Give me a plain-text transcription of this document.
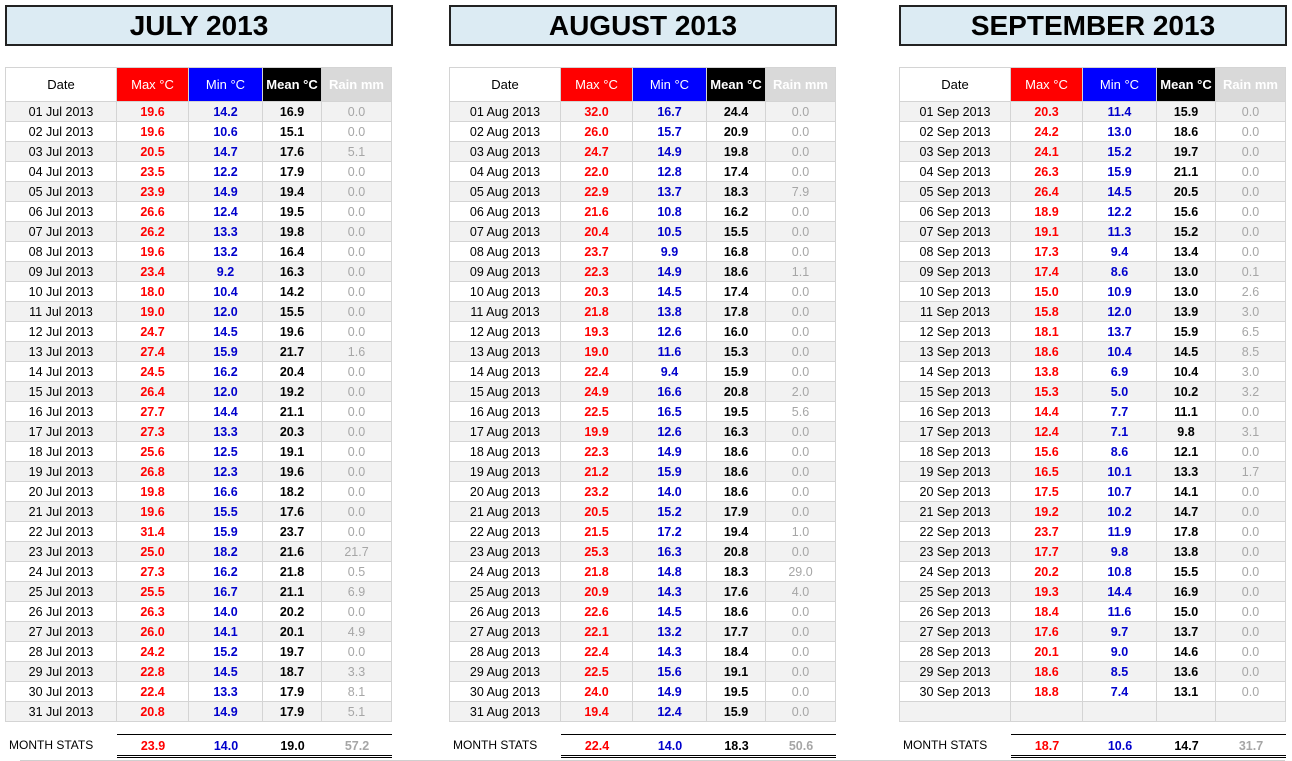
JULY 2013
Date	Max °C	Min °C	Mean °C	Rain mm
01 Jul 2013	19.6	14.2	16.9	0.0
02 Jul 2013	19.6	10.6	15.1	0.0
03 Jul 2013	20.5	14.7	17.6	5.1
04 Jul 2013	23.5	12.2	17.9	0.0
05 Jul 2013	23.9	14.9	19.4	0.0
06 Jul 2013	26.6	12.4	19.5	0.0
07 Jul 2013	26.2	13.3	19.8	0.0
08 Jul 2013	19.6	13.2	16.4	0.0
09 Jul 2013	23.4	9.2	16.3	0.0
10 Jul 2013	18.0	10.4	14.2	0.0
11 Jul 2013	19.0	12.0	15.5	0.0
12 Jul 2013	24.7	14.5	19.6	0.0
13 Jul 2013	27.4	15.9	21.7	1.6
14 Jul 2013	24.5	16.2	20.4	0.0
15 Jul 2013	26.4	12.0	19.2	0.0
16 Jul 2013	27.7	14.4	21.1	0.0
17 Jul 2013	27.3	13.3	20.3	0.0
18 Jul 2013	25.6	12.5	19.1	0.0
19 Jul 2013	26.8	12.3	19.6	0.0
20 Jul 2013	19.8	16.6	18.2	0.0
21 Jul 2013	19.6	15.5	17.6	0.0
22 Jul 2013	31.4	15.9	23.7	0.0
23 Jul 2013	25.0	18.2	21.6	21.7
24 Jul 2013	27.3	16.2	21.8	0.5
25 Jul 2013	25.5	16.7	21.1	6.9
26 Jul 2013	26.3	14.0	20.2	0.0
27 Jul 2013	26.0	14.1	20.1	4.9
28 Jul 2013	24.2	15.2	19.7	0.0
29 Jul 2013	22.8	14.5	18.7	3.3
30 Jul 2013	22.4	13.3	17.9	8.1
31 Jul 2013	20.8	14.9	17.9	5.1
MONTH STATS	23.9	14.0	19.0	57.2
AUGUST 2013
Date	Max °C	Min °C	Mean °C	Rain mm
01 Aug 2013	32.0	16.7	24.4	0.0
02 Aug 2013	26.0	15.7	20.9	0.0
03 Aug 2013	24.7	14.9	19.8	0.0
04 Aug 2013	22.0	12.8	17.4	0.0
05 Aug 2013	22.9	13.7	18.3	7.9
06 Aug 2013	21.6	10.8	16.2	0.0
07 Aug 2013	20.4	10.5	15.5	0.0
08 Aug 2013	23.7	9.9	16.8	0.0
09 Aug 2013	22.3	14.9	18.6	1.1
10 Aug 2013	20.3	14.5	17.4	0.0
11 Aug 2013	21.8	13.8	17.8	0.0
12 Aug 2013	19.3	12.6	16.0	0.0
13 Aug 2013	19.0	11.6	15.3	0.0
14 Aug 2013	22.4	9.4	15.9	0.0
15 Aug 2013	24.9	16.6	20.8	2.0
16 Aug 2013	22.5	16.5	19.5	5.6
17 Aug 2013	19.9	12.6	16.3	0.0
18 Aug 2013	22.3	14.9	18.6	0.0
19 Aug 2013	21.2	15.9	18.6	0.0
20 Aug 2013	23.2	14.0	18.6	0.0
21 Aug 2013	20.5	15.2	17.9	0.0
22 Aug 2013	21.5	17.2	19.4	1.0
23 Aug 2013	25.3	16.3	20.8	0.0
24 Aug 2013	21.8	14.8	18.3	29.0
25 Aug 2013	20.9	14.3	17.6	4.0
26 Aug 2013	22.6	14.5	18.6	0.0
27 Aug 2013	22.1	13.2	17.7	0.0
28 Aug 2013	22.4	14.3	18.4	0.0
29 Aug 2013	22.5	15.6	19.1	0.0
30 Aug 2013	24.0	14.9	19.5	0.0
31 Aug 2013	19.4	12.4	15.9	0.0
MONTH STATS	22.4	14.0	18.3	50.6
SEPTEMBER 2013
Date	Max °C	Min °C	Mean °C	Rain mm
01 Sep 2013	20.3	11.4	15.9	0.0
02 Sep 2013	24.2	13.0	18.6	0.0
03 Sep 2013	24.1	15.2	19.7	0.0
04 Sep 2013	26.3	15.9	21.1	0.0
05 Sep 2013	26.4	14.5	20.5	0.0
06 Sep 2013	18.9	12.2	15.6	0.0
07 Sep 2013	19.1	11.3	15.2	0.0
08 Sep 2013	17.3	9.4	13.4	0.0
09 Sep 2013	17.4	8.6	13.0	0.1
10 Sep 2013	15.0	10.9	13.0	2.6
11 Sep 2013	15.8	12.0	13.9	3.0
12 Sep 2013	18.1	13.7	15.9	6.5
13 Sep 2013	18.6	10.4	14.5	8.5
14 Sep 2013	13.8	6.9	10.4	3.0
15 Sep 2013	15.3	5.0	10.2	3.2
16 Sep 2013	14.4	7.7	11.1	0.0
17 Sep 2013	12.4	7.1	9.8	3.1
18 Sep 2013	15.6	8.6	12.1	0.0
19 Sep 2013	16.5	10.1	13.3	1.7
20 Sep 2013	17.5	10.7	14.1	0.0
21 Sep 2013	19.2	10.2	14.7	0.0
22 Sep 2013	23.7	11.9	17.8	0.0
23 Sep 2013	17.7	9.8	13.8	0.0
24 Sep 2013	20.2	10.8	15.5	0.0
25 Sep 2013	19.3	14.4	16.9	0.0
26 Sep 2013	18.4	11.6	15.0	0.0
27 Sep 2013	17.6	9.7	13.7	0.0
28 Sep 2013	20.1	9.0	14.6	0.0
29 Sep 2013	18.6	8.5	13.6	0.0
30 Sep 2013	18.8	7.4	13.1	0.0

MONTH STATS	18.7	10.6	14.7	31.7
